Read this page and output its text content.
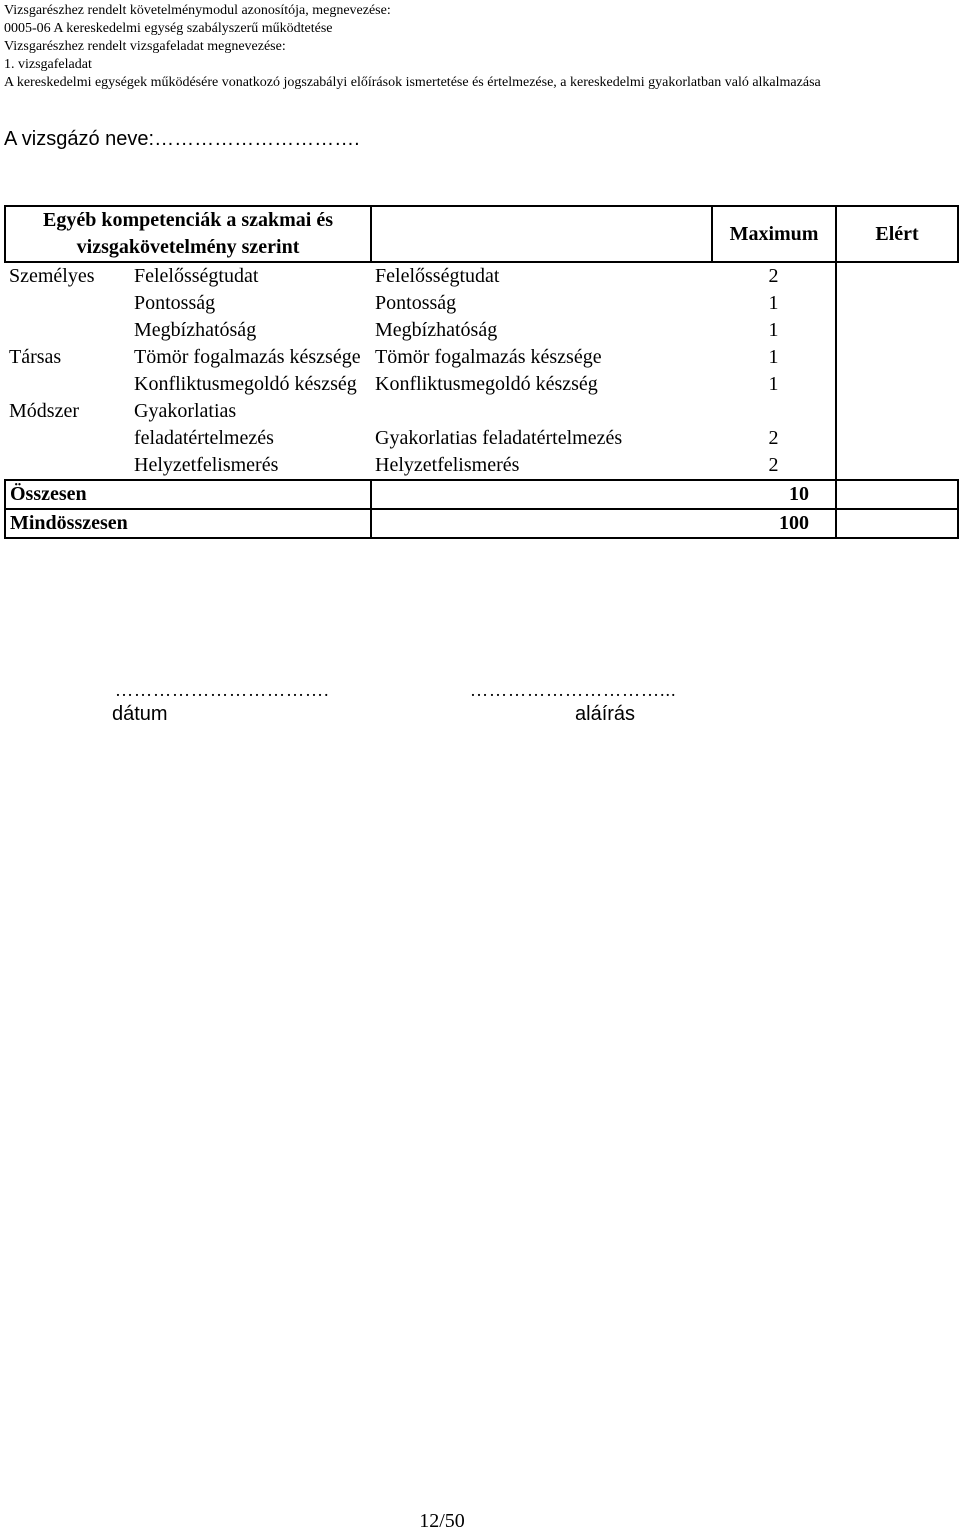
Vizsgarészhez rendelt követelménymodul azonosítója, megnevezése:
0005-06 A kereskedelmi egység szabályszerű működtetése
Vizsgarészhez rendelt vizsgafeladat megnevezése:
1. vizsgafeladat
A kereskedelmi egységek működésére vonatkozó jogszabályi előírások ismertetése és értelmezése, a kereskedelmi gyakorlatban való alkalmazása
A vizsgázó neve:………………………….
Egyéb kompetenciák a szakmai és vizsgakövetelmény szerint			Maximum	Elért
Személyes	Felelősségtudat	Felelősségtudat	2	
	Pontosság	Pontosság	1	
	Megbízhatóság	Megbízhatóság	1	
Társas	Tömör fogalmazás készsége	Tömör fogalmazás készsége	1	
	Konfliktusmegoldó készség	Konfliktusmegoldó készség	1	
Módszer	Gyakorlatias feladatértelmezés	Gyakorlatias feladatértelmezés	2	
	Helyzetfelismerés	Helyzetfelismerés	2	
Összesen		10		
Mindösszesen		100		
…………………………….
dátum
…………………………...
aláírás
12/50
